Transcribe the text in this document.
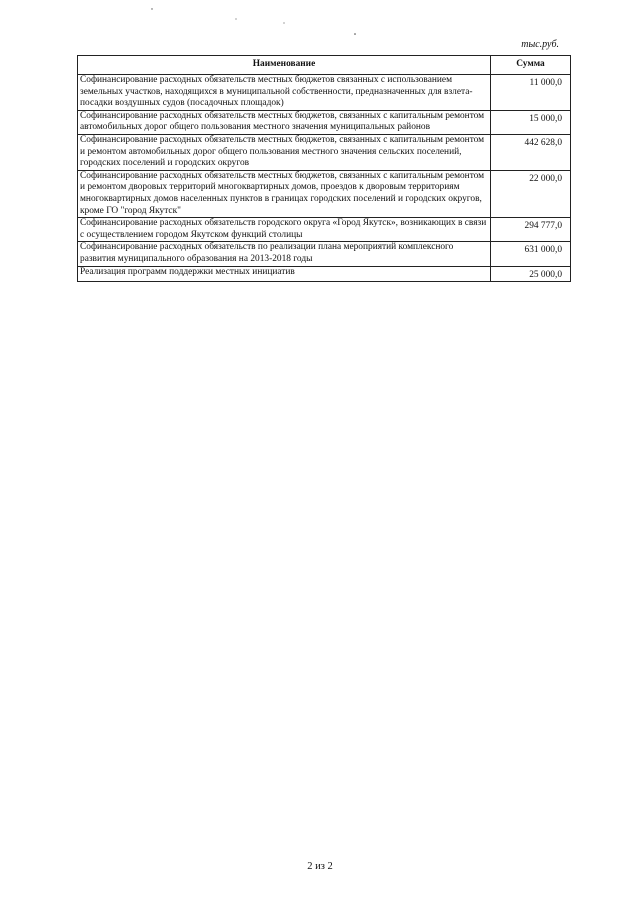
тыс.руб.
Наименование	Сумма
Софинансирование расходных обязательств местных бюджетов связанных с использованием земельных участков, находящихся в муниципальной собственности, предназначенных для взлета-посадки воздушных судов (посадочных площадок)	11 000,0
Софинансирование расходных обязательств местных бюджетов, связанных с капитальным ремонтом автомобильных дорог общего пользования местного значения муниципальных районов	15 000,0
Софинансирование расходных обязательств местных бюджетов, связанных с капитальным ремонтом и ремонтом автомобильных дорог общего пользования местного значения сельских поселений, городских поселений и городских округов	442 628,0
Софинансирование расходных обязательств местных бюджетов, связанных с капитальным ремонтом и ремонтом дворовых территорий многоквартирных домов, проездов к дворовым территориям многоквартирных домов населенных пунктов в границах городских поселений и городских округов, кроме ГО "город Якутск"	22 000,0
Софинансирование расходных обязательств городского округа «Город Якутск», возникающих в связи с осуществлением городом Якутском функций столицы	294 777,0
Софинансирование расходных обязательств по реализации плана мероприятий комплексного развития муниципального образования на 2013-2018 годы	631 000,0
Реализация программ поддержки местных инициатив	25 000,0
2 из 2
